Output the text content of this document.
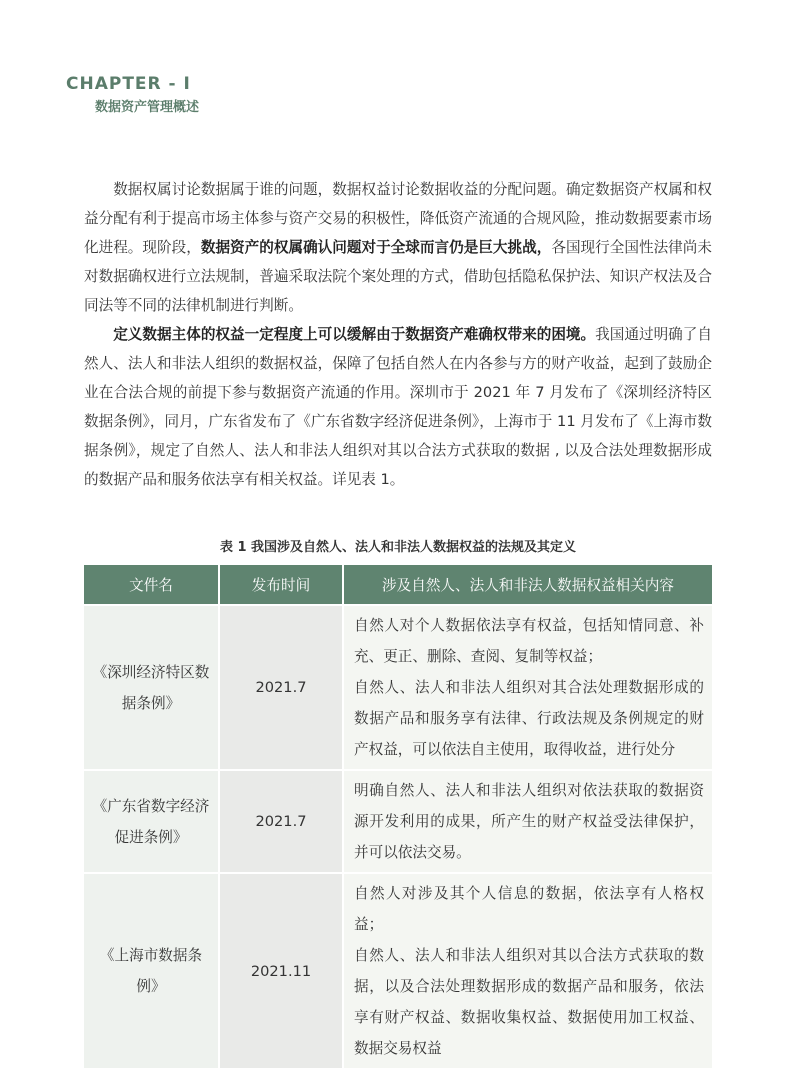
CHAPTER - I
数据资产管理概述

数据权属讨论数据属于谁的问题，数据权益讨论数据收益的分配问题。确定数据资产权属和权益分配有利于提高市场主体参与资产交易的积极性，降低资产流通的合规风险，推动数据要素市场化进程。现阶段，数据资产的权属确认问题对于全球而言仍是巨大挑战，各国现行全国性法律尚未对数据确权进行立法规制，普遍采取法院个案处理的方式，借助包括隐私保护法、知识产权法及合同法等不同的法律机制进行判断。

定义数据主体的权益一定程度上可以缓解由于数据资产难确权带来的困境。我国通过明确了自然人、法人和非法人组织的数据权益，保障了包括自然人在内各参与方的财产收益，起到了鼓励企业在合法合规的前提下参与数据资产流通的作用。深圳市于 2021 年 7 月发布了《深圳经济特区数据条例》，同月，广东省发布了《广东省数字经济促进条例》，上海市于 11 月发布了《上海市数据条例》，规定了自然人、法人和非法人组织对其以合法方式获取的数据 , 以及合法处理数据形成的数据产品和服务依法享有相关权益。详见表 1。

表 1 我国涉及自然人、法人和非法人数据权益的法规及其定义
文件名	发布时间	涉及自然人、法人和非法人数据权益相关内容
《深圳经济特区数据条例》	2021.7	自然人对个人数据依法享有权益，包括知情同意、补充、更正、删除、查阅、复制等权益；
自然人、法人和非法人组织对其合法处理数据形成的数据产品和服务享有法律、行政法规及条例规定的财产权益，可以依法自主使用，取得收益，进行处分

《广东省数字经济促进条例》	2021.7	明确自然人、法人和非法人组织对依法获取的数据资源开发利用的成果，所产生的财产权益受法律保护，并可以依法交易。

《上海市数据条例》	2021.11	自然人对涉及其个人信息的数据，依法享有人格权益；
自然人、法人和非法人组织对其以合法方式获取的数据，以及合法处理数据形成的数据产品和服务，依法享有财产权益、数据收集权益、数据使用加工权益、数据交易权益
